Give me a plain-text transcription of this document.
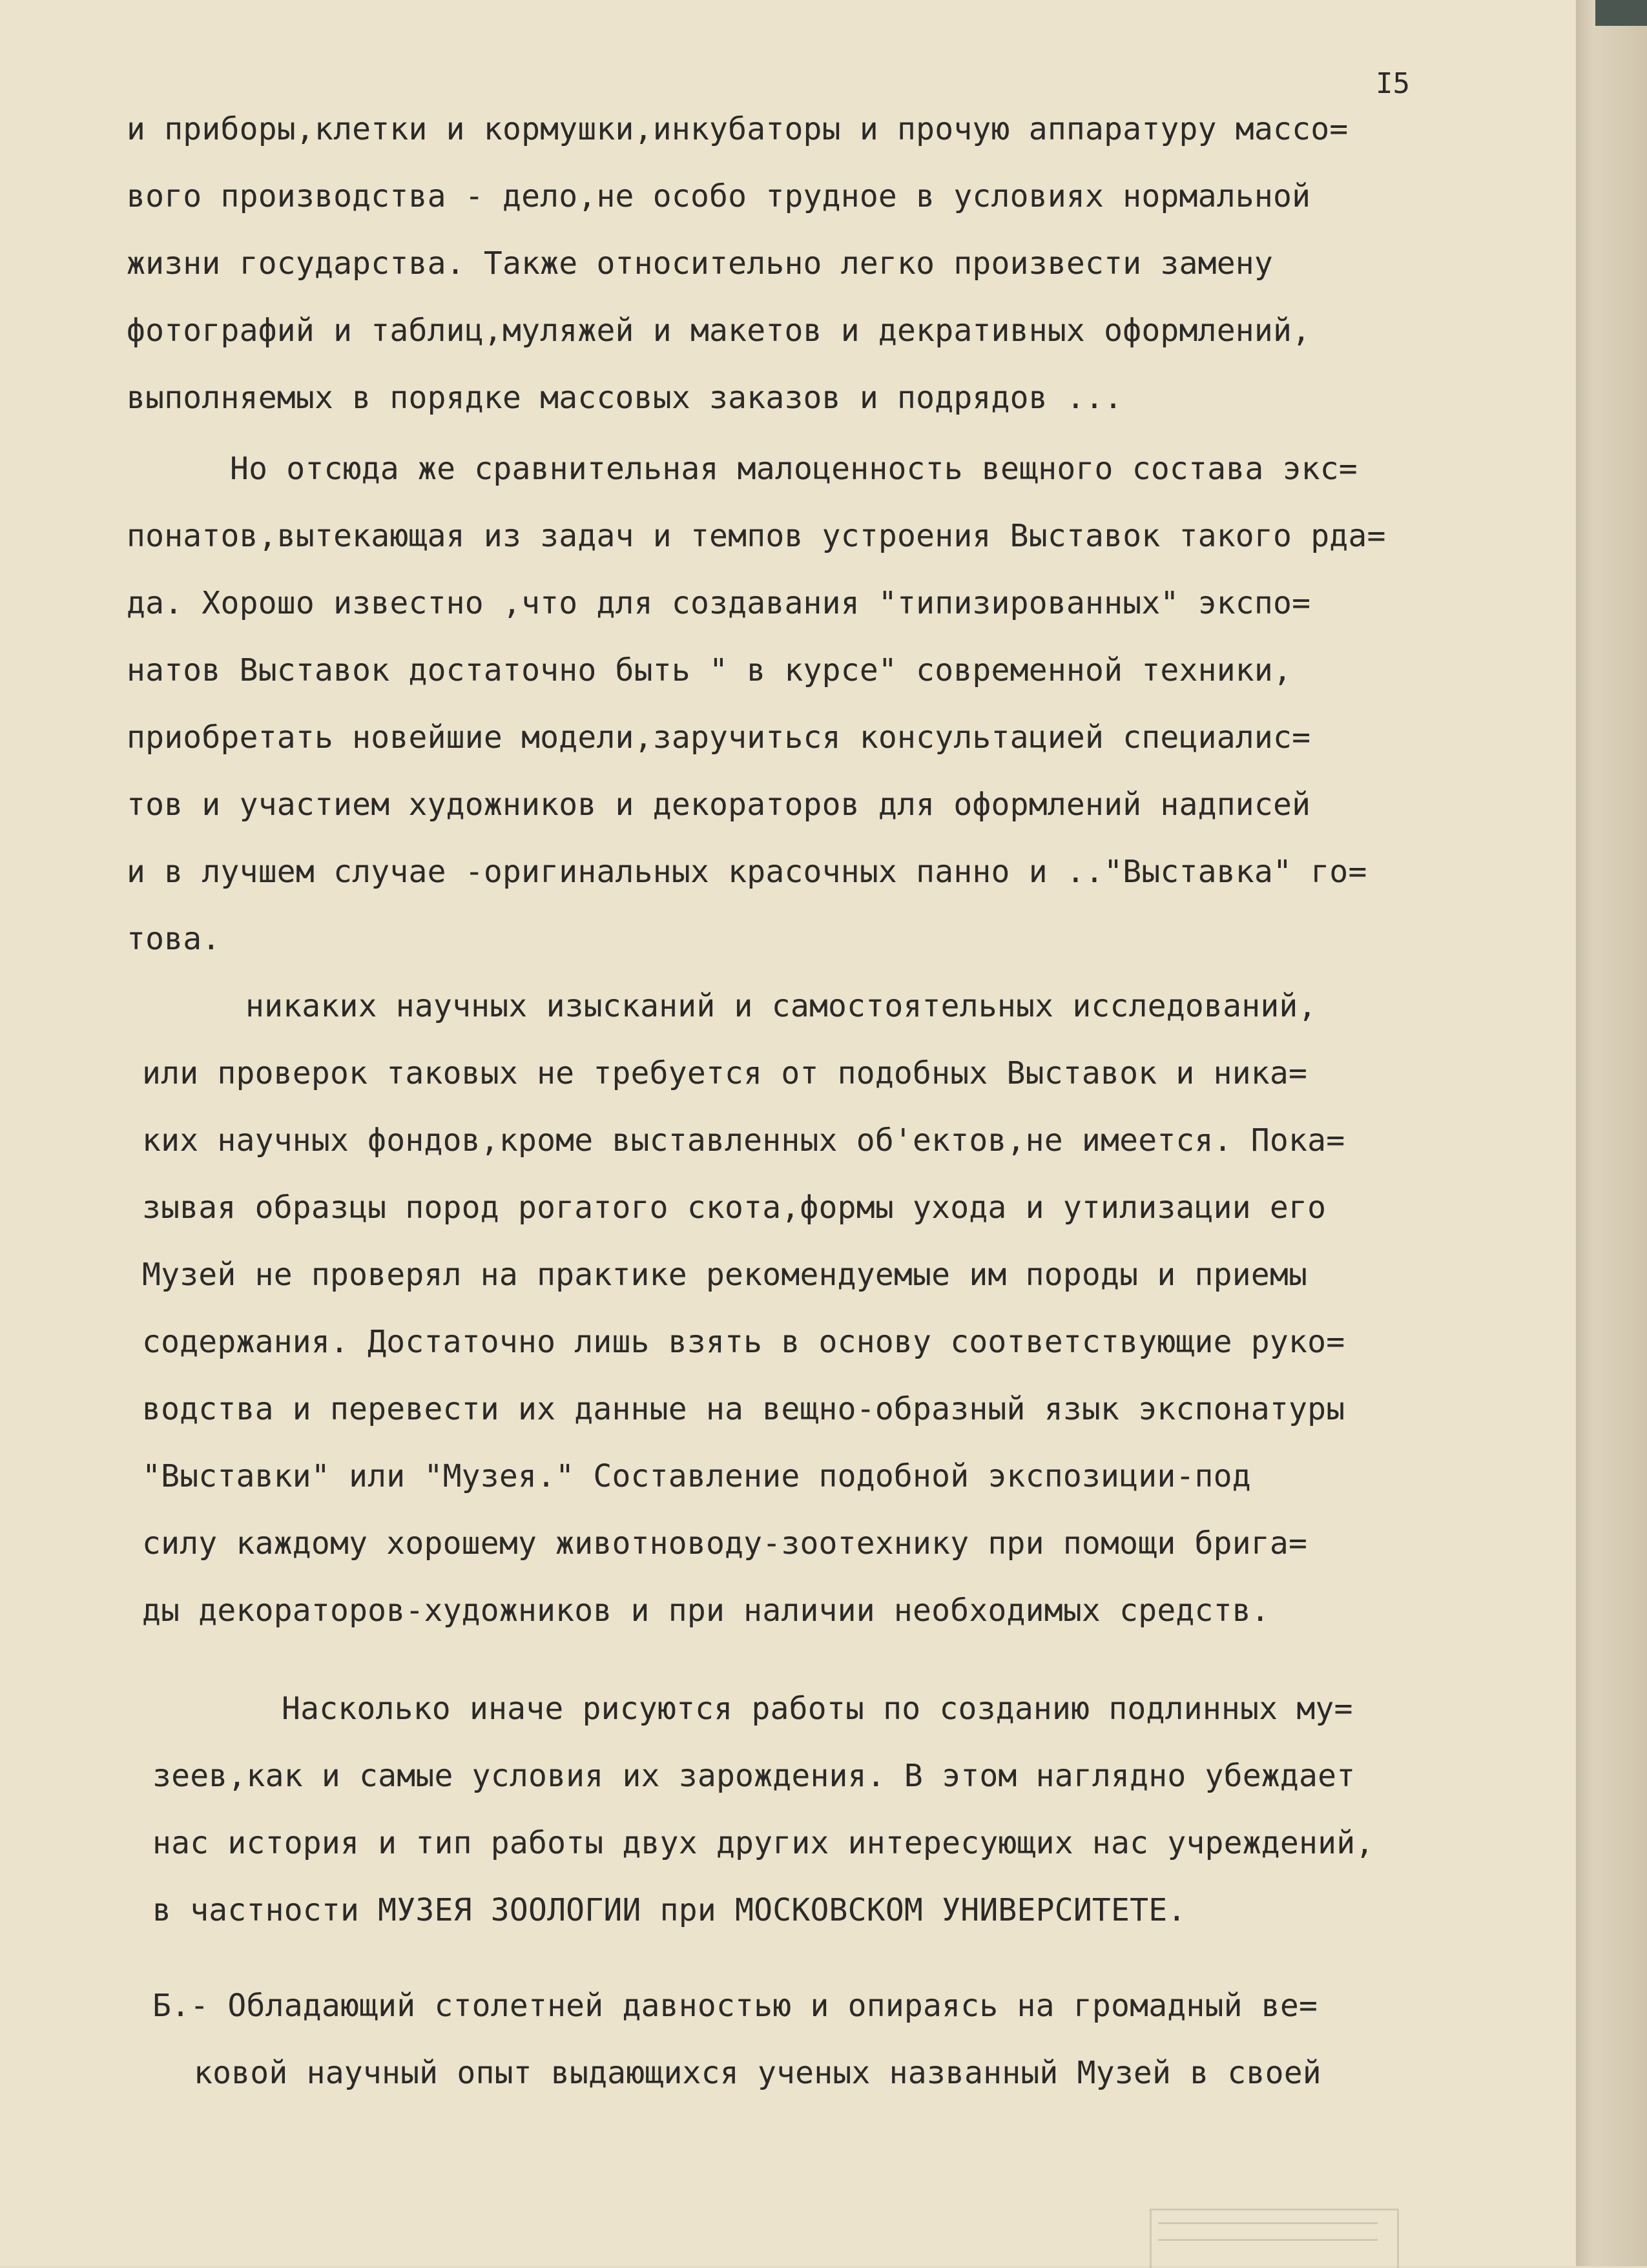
I5
и приборы,клетки и кормушки,инкубаторы и прочую аппаратуру массо=
вого производства - дело,не особо трудное в условиях нормальной
жизни государства. Также относительно легко произвести замену
фотографий и таблиц,муляжей и макетов и декративных оформлений,
выполняемых в порядке массовых заказов и подрядов ...
Но отсюда же сравнительная малоценность вещного состава экс=
понатов,вытекающая из задач и темпов устроения Выставок такого рда=
да. Хорошо известно ,что для создавания "типизированных" экспо=
натов Выставок достаточно быть " в курсе" современной техники,
приобретать новейшие модели,заручиться консультацией специалис=
тов и участием художников и декораторов для оформлений надписей
и в лучшем случае -оригинальных красочных панно и .."Выставка" го=
това.
никаких научных изысканий и самостоятельных исследований,
или проверок таковых не требуется от подобных Выставок и ника=
ких научных фондов,кроме выставленных об'ектов,не имеется. Пока=
зывая образцы пород рогатого скота,формы ухода и утилизации его
Музей не проверял на практике рекомендуемые им породы и приемы
содержания. Достаточно лишь взять в основу соответствующие руко=
водства и перевести их данные на вещно-образный язык экспонатуры
"Выставки" или "Музея." Составление подобной экспозиции-под
силу каждому хорошему животноводу-зоотехнику при помощи брига=
ды декораторов-художников и при наличии необходимых средств.
Насколько иначе рисуются работы по созданию подлинных му=
зеев,как и самые условия их зарождения. В этом наглядно убеждает
нас история и тип работы двух других интересующих нас учреждений,
в частности МУЗЕЯ ЗООЛОГИИ при МОСКОВСКОМ УНИВЕРСИТЕТЕ.
Б.- Обладающий столетней давностью и опираясь на громадный ве=
ковой научный опыт выдающихся ученых названный Музей в своей
